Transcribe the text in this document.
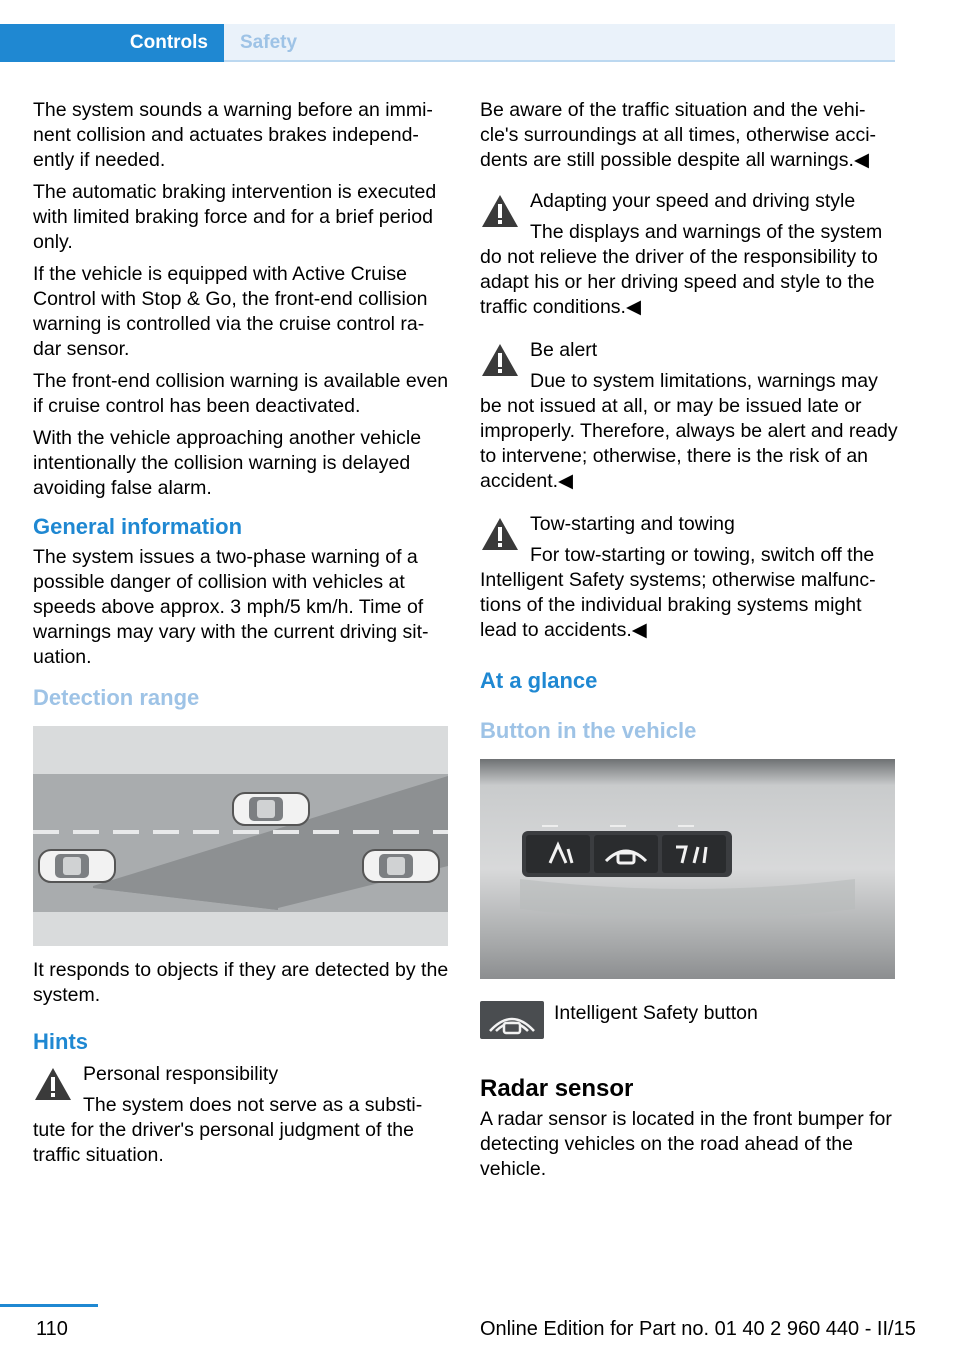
Controls	Safety

The system sounds a warning before an immi-nent collision and actuates brakes independ-ently if needed.

The automatic braking intervention is executed with limited braking force and for a brief period only.

If the vehicle is equipped with Active Cruise Control with Stop & Go, the front-end collision warning is controlled via the cruise control ra-dar sensor.

The front-end collision warning is available even if cruise control has been deactivated.

With the vehicle approaching another vehicle intentionally the collision warning is delayed avoiding false alarm.

General information

The system issues a two-phase warning of a possible danger of collision with vehicles at speeds above approx. 3 mph/5 km/h. Time of warnings may vary with the current driving sit-uation.

Detection range

It responds to objects if they are detected by the system.

Hints

Personal responsibility

The system does not serve as a substi-tute for the driver's personal judgment of the traffic situation.

Be aware of the traffic situation and the vehi-cle's surroundings at all times, otherwise acci-dents are still possible despite all warnings.◀

Adapting your speed and driving style

The displays and warnings of the system do not relieve the driver of the responsibility to adapt his or her driving speed and style to the traffic conditions.◀

Be alert

Due to system limitations, warnings may be not issued at all, or may be issued late or improperly. Therefore, always be alert and ready to intervene; otherwise, there is the risk of an accident.◀

Tow-starting and towing

For tow-starting or towing, switch off the Intelligent Safety systems; otherwise malfunc-tions of the individual braking systems might lead to accidents.◀

At a glance
Button in the vehicle

Intelligent Safety button

Radar sensor

A radar sensor is located in the front bumper for detecting vehicles on the road ahead of the vehicle.

110	Online Edition for Part no. 01 40 2 960 440 - II/15
